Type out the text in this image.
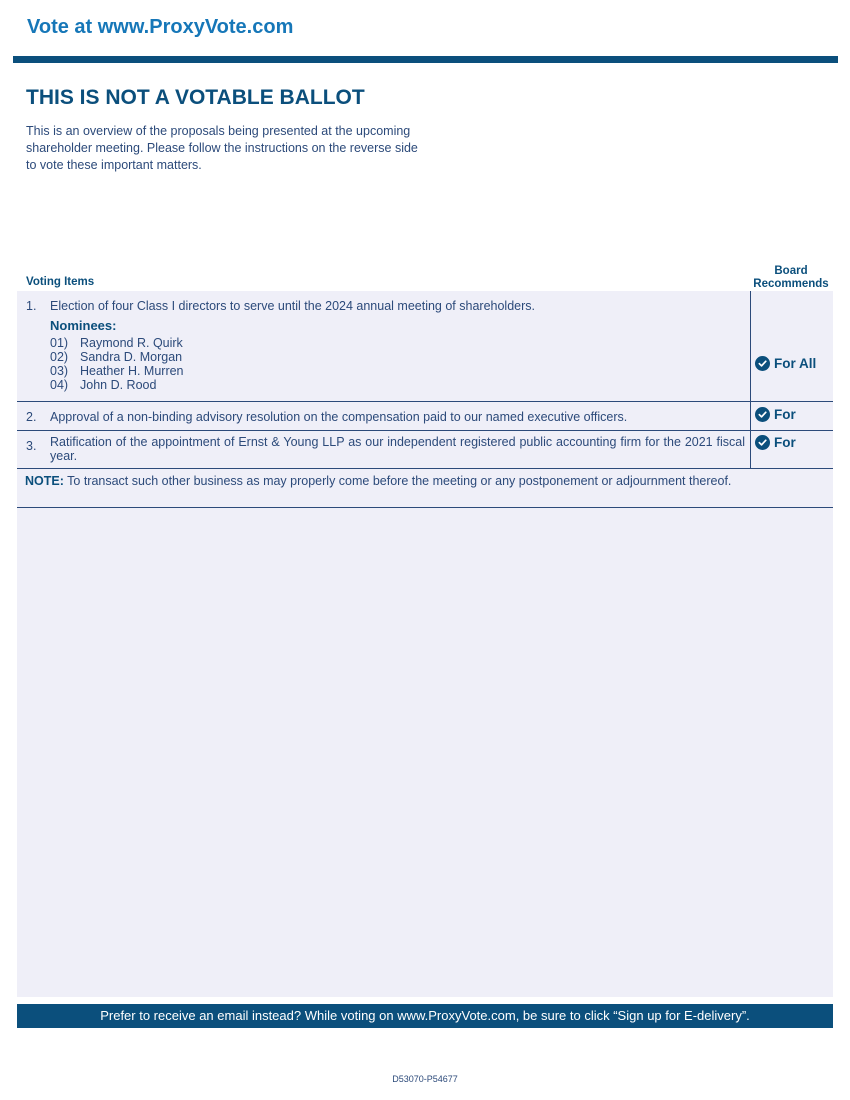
Vote at www.ProxyVote.com
THIS IS NOT A VOTABLE BALLOT
This is an overview of the proposals being presented at the upcoming shareholder meeting. Please follow the instructions on the reverse side to vote these important matters.
Voting Items
Board
Recommends
1. Election of four Class I directors to serve until the 2024 annual meeting of shareholders.
Nominees:
01) Raymond R. Quirk
02) Sandra D. Morgan
03) Heather H. Murren
04) John D. Rood
For All
2. Approval of a non-binding advisory resolution on the compensation paid to our named executive officers.	For
3. Ratification of the appointment of Ernst & Young LLP as our independent registered public accounting firm for the 2021 fiscal year.
For
NOTE: To transact such other business as may properly come before the meeting or any postponement or adjournment thereof.
Prefer to receive an email instead? While voting on www.ProxyVote.com, be sure to click “Sign up for E-delivery”.
D53070-P54677
